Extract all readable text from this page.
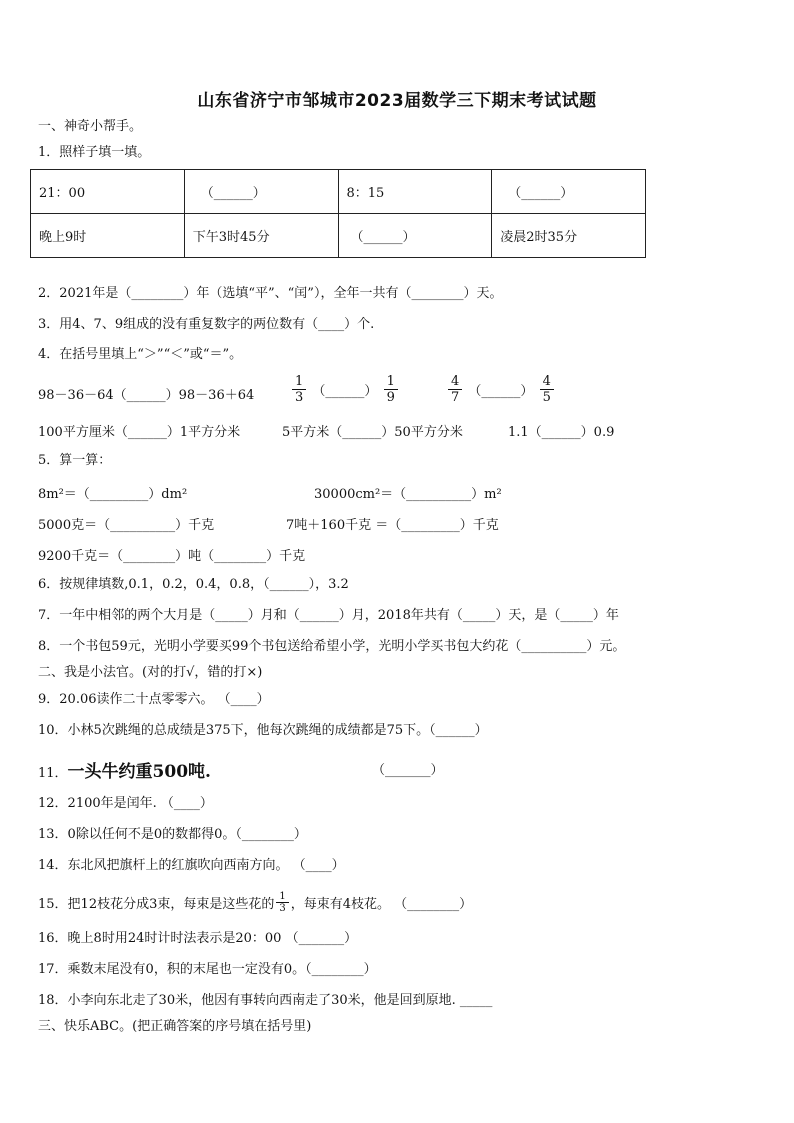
山东省济宁市邹城市2023届数学三下期末考试试题
一、神奇小帮手。
1．照样子填一填。
21：00	（______）	8：15	（______）
晚上9时	下午3时45分	（______）	凌晨2时35分
2．2021年是（________）年（选填“平”、“闰”），全年一共有（________）天。
3．用4、7、9组成的没有重复数字的两位数有（____）个.
4．在括号里填上“＞”“＜”或“＝”。
98－36－64（______）98－36＋64	$\frac{1}{3}$ （______） $\frac{1}{9}$	$\frac{4}{7}$ （______） $\frac{4}{5}$
100平方厘米（______）1平方分米	5平方米（______）50平方分米	1.1（______）0.9
5．算一算：
8m²＝（_________）dm²	30000cm²＝（__________）m²
5000克＝（__________）千克	7吨＋160千克 ＝（_________）千克
9200千克＝（________）吨（________）千克
6．按规律填数,0.1，0.2，0.4，0.8，（______），3.2
7．一年中相邻的两个大月是（_____）月和（______）月，2018年共有（_____）天，是（_____）年
8．一个书包59元，光明小学要买99个书包送给希望小学，光明小学买书包大约花（__________）元。
二、我是小法官。(对的打√，错的打×)
9．20.06读作二十点零零六。 （____）
10．小林5次跳绳的总成绩是375下，他每次跳绳的成绩都是75下。（______）
11．一头牛约重500吨.	（_______）
12．2100年是闰年. （____）
13．0除以任何不是0的数都得0。（________）
14．东北风把旗杆上的红旗吹向西南方向。 （____）
15．把12枝花分成3束，每束是这些花的 $\frac{1}{3}$ ，每束有4枝花。 （________）
16．晚上8时用24时计时法表示是20：00 （_______）
17．乘数末尾没有0，积的末尾也一定没有0。（________）
18．小李向东北走了30米，他因有事转向西南走了30米，他是回到原地. _____
三、快乐ABC。(把正确答案的序号填在括号里)
